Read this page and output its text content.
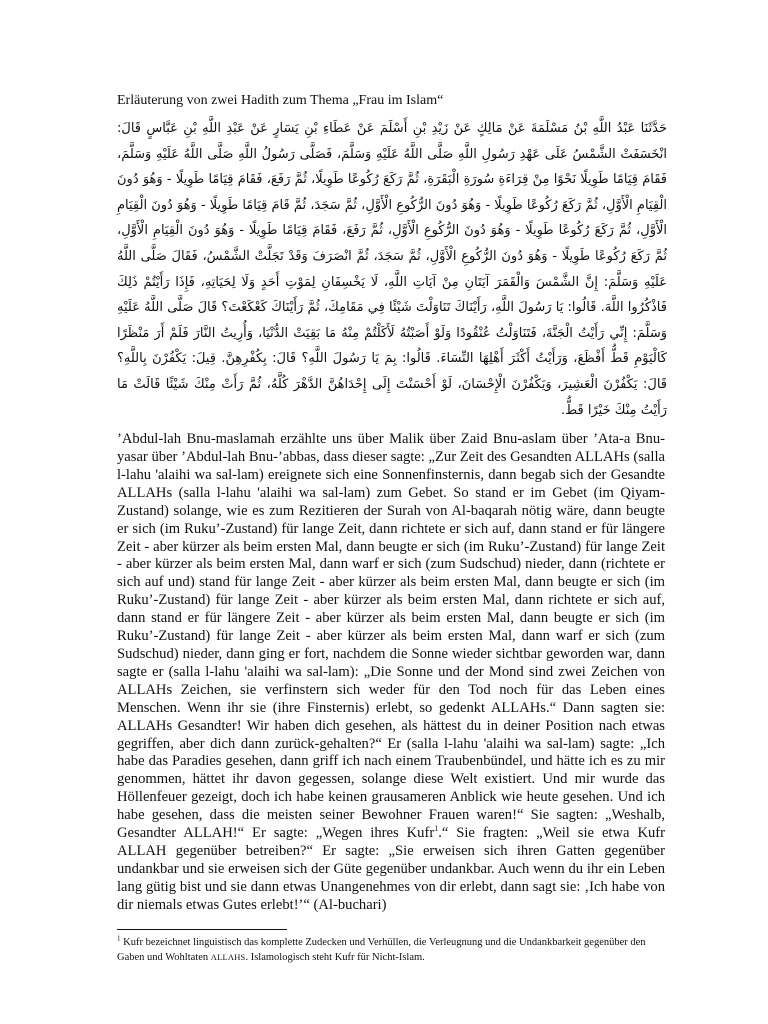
Erläuterung von zwei Hadith zum Thema „Frau im Islam“

حَدَّثَنَا عَبْدُ اللَّهِ بْنُ مَسْلَمَةَ عَنْ مَالِكٍ عَنْ زَيْدِ بْنِ أَسْلَمَ عَنْ عَطَاءِ بْنِ يَسَارٍ عَنْ عَبْدِ اللَّهِ بْنِ عَبَّاسٍ قَالَ: انْخَسَفَتْ الشَّمْسُ عَلَى عَهْدِ رَسُولِ اللَّهِ صَلَّى اللَّهُ عَلَيْهِ وَسَلَّمَ، فَصَلَّى رَسُولُ اللَّهِ صَلَّى اللَّهُ عَلَيْهِ وَسَلَّمَ، فَقَامَ قِيَامًا طَوِيلًا نَحْوًا مِنْ قِرَاءَةِ سُورَةِ الْبَقَرَةِ، ثُمَّ رَكَعَ رُكُوعًا طَوِيلًا، ثُمَّ رَفَعَ، فَقَامَ قِيَامًا طَوِيلًا - وَهُوَ دُونَ الْقِيَامِ الْأَوَّلِ، ثُمَّ رَكَعَ رُكُوعًا طَوِيلًا - وَهُوَ دُونَ الرُّكُوعِ الْأَوَّلِ، ثُمَّ سَجَدَ، ثُمَّ قَامَ قِيَامًا طَوِيلًا - وَهُوَ دُونَ الْقِيَامِ الْأَوَّلِ، ثُمَّ رَكَعَ رُكُوعًا طَوِيلًا - وَهُوَ دُونَ الرُّكُوعِ الْأَوَّلِ، ثُمَّ رَفَعَ، فَقَامَ قِيَامًا طَوِيلًا - وَهُوَ دُونَ الْقِيَامِ الْأَوَّلِ، ثُمَّ رَكَعَ رُكُوعًا طَوِيلًا - وَهُوَ دُونَ الرُّكُوعِ الْأَوَّلِ، ثُمَّ سَجَدَ، ثُمَّ انْصَرَفَ وَقَدْ تَجَلَّتْ الشَّمْسُ، فَقَالَ صَلَّى اللَّهُ عَلَيْهِ وَسَلَّمَ: إِنَّ الشَّمْسَ وَالْقَمَرَ آيَتَانِ مِنْ آيَاتِ اللَّهِ، لَا يَخْسِفَانِ لِمَوْتِ أَحَدٍ وَلَا لِحَيَاتِهِ، فَإِذَا رَأَيْتُمْ ذَلِكَ فَاذْكُرُوا اللَّهَ. قَالُوا: يَا رَسُولَ اللَّهِ، رَأَيْنَاكَ تَنَاوَلْتَ شَيْئًا فِي مَقَامِكَ، ثُمَّ رَأَيْنَاكَ كَعْكَعْتَ؟ قَالَ صَلَّى اللَّهُ عَلَيْهِ وَسَلَّمَ: إِنِّي رَأَيْتُ الْجَنَّةَ، فَتَنَاوَلْتُ عُنْقُودًا وَلَوْ أَصَبْتُهُ لَأَكَلْتُمْ مِنْهُ مَا بَقِيَتْ الدُّنْيَا، وَأُرِيتُ النَّارَ فَلَمْ أَرَ مَنْظَرًا كَالْيَوْمِ قَطُّ أَفْظَعَ، وَرَأَيْتُ أَكْثَرَ أَهْلِهَا النِّسَاءَ. قَالُوا: بِمَ يَا رَسُولَ اللَّهِ؟ قَالَ: بِكُفْرِهِنَّ. قِيلَ: يَكْفُرْنَ بِاللَّهِ؟ قَالَ: يَكْفُرْنَ الْعَشِيرَ، وَيَكْفُرْنَ الْإِحْسَانَ، لَوْ أَحْسَنْتَ إِلَى إِحْدَاهُنَّ الدَّهْرَ كُلَّهُ، ثُمَّ رَأَتْ مِنْكَ شَيْئًا قَالَتْ مَا رَأَيْتُ مِنْكَ خَيْرًا قَطُّ.

’Abdul-lah Bnu-maslamah erzählte uns über Malik über Zaid Bnu-aslam über ’Ata-a Bnu-yasar über ’Abdul-lah Bnu-’abbas, dass dieser sagte: „Zur Zeit des Gesandten ALLAHs (salla l-lahu 'alaihi wa sal-lam) ereignete sich eine Sonnenfinsternis, dann begab sich der Gesandte ALLAHs (salla l-lahu 'alaihi wa sal-lam) zum Gebet. So stand er im Gebet (im Qiyam-Zustand) solange, wie es zum Rezitieren der Surah von Al-baqarah nötig wäre, dann beugte er sich (im Ruku’-Zustand) für lange Zeit, dann richtete er sich auf, dann stand er für längere Zeit - aber kürzer als beim ersten Mal, dann beugte er sich (im Ruku’-Zustand) für lange Zeit - aber kürzer als beim ersten Mal, dann warf er sich (zum Sudschud) nieder, dann (richtete er sich auf und) stand für lange Zeit - aber kürzer als beim ersten Mal, dann beugte er sich (im Ruku’-Zustand) für lange Zeit - aber kürzer als beim ersten Mal, dann richtete er sich auf, dann stand er für längere Zeit - aber kürzer als beim ersten Mal, dann beugte er sich (im Ruku’-Zustand) für lange Zeit - aber kürzer als beim ersten Mal, dann warf er sich (zum Sudschud) nieder, dann ging er fort, nachdem die Sonne wieder sichtbar geworden war, dann sagte er (salla l-lahu 'alaihi wa sal-lam): „Die Sonne und der Mond sind zwei Zeichen von ALLAHs Zeichen, sie verfinstern sich weder für den Tod noch für das Leben eines Menschen. Wenn ihr sie (ihre Finsternis) erlebt, so gedenkt ALLAHs.“ Dann sagten sie: ALLAHs Gesandter! Wir haben dich gesehen, als hättest du in deiner Position nach etwas gegriffen, aber dich dann zurück-gehalten?“ Er (salla l-lahu 'alaihi wa sal-lam) sagte: „Ich habe das Paradies gesehen, dann griff ich nach einem Traubenbündel, und hätte ich es zu mir genommen, hättet ihr davon gegessen, solange diese Welt existiert. Und mir wurde das Höllenfeuer gezeigt, doch ich habe keinen grausameren Anblick wie heute gesehen. Und ich habe gesehen, dass die meisten seiner Bewohner Frauen waren!“ Sie sagten: „Weshalb, Gesandter ALLAH!“ Er sagte: „Wegen ihres Kufr$^1$.“ Sie fragten: „Weil sie etwa Kufr ALLAH gegenüber betreiben?“ Er sagte: „Sie erweisen sich ihren Gatten gegenüber undankbar und sie erweisen sich der Güte gegenüber undankbar. Auch wenn du ihr ein Leben lang gütig bist und sie dann etwas Unangenehmes von dir erlebt, dann sagt sie: ‚Ich habe von dir niemals etwas Gutes erlebt!’“ (Al-buchari)

$^1$ Kufr bezeichnet linguistisch das komplette Zudecken und Verhüllen, die Verleugnung und die Undankbarkeit gegenüber den Gaben und Wohltaten ALLAHS. Islamologisch steht Kufr für Nicht-Islam.
